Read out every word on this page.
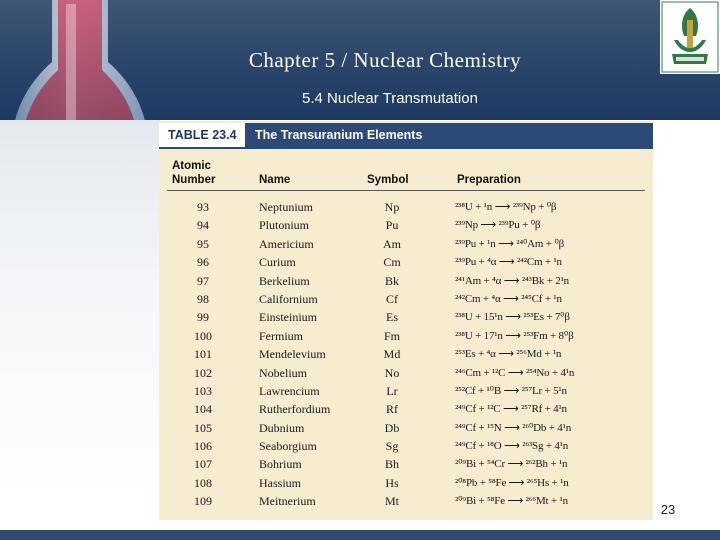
Chapter 5 / Nuclear Chemistry
5.4 Nuclear Transmutation
TABLE 23.4	The Transuranium Elements
Atomic
Number	Name	Symbol	Preparation
93	Neptunium	Np	²³⁸U + ¹n ⟶ ²³⁹Np + ⁰β
94	Plutonium	Pu	²³⁹Np ⟶ ²³⁹Pu + ⁰β
95	Americium	Am	²³⁹Pu + ¹n ⟶ ²⁴⁰Am + ⁰β
96	Curium	Cm	²³⁹Pu + ⁴α ⟶ ²⁴²Cm + ¹n
97	Berkelium	Bk	²⁴¹Am + ⁴α ⟶ ²⁴³Bk + 2¹n
98	Californium	Cf	²⁴²Cm + ⁴α ⟶ ²⁴⁵Cf + ¹n
99	Einsteinium	Es	²³⁸U + 15¹n ⟶ ²⁵³Es + 7⁰β
100	Fermium	Fm	²³⁸U + 17¹n ⟶ ²⁵³Fm + 8⁰β
101	Mendelevium	Md	²⁵³Es + ⁴α ⟶ ²⁵⁶Md + ¹n
102	Nobelium	No	²⁴⁶Cm + ¹²C ⟶ ²⁵⁴No + 4¹n
103	Lawrencium	Lr	²⁵²Cf + ¹⁰B ⟶ ²⁵⁷Lr + 5¹n
104	Rutherfordium	Rf	²⁴⁹Cf + ¹²C ⟶ ²⁵⁷Rf + 4¹n
105	Dubnium	Db	²⁴⁹Cf + ¹⁵N ⟶ ²⁶⁰Db + 4¹n
106	Seaborgium	Sg	²⁴⁹Cf + ¹⁸O ⟶ ²⁶³Sg + 4¹n
107	Bohrium	Bh	²⁰⁹Bi + ⁵⁴Cr ⟶ ²⁶²Bh + ¹n
108	Hassium	Hs	²⁰⁸Pb + ⁵⁸Fe ⟶ ²⁶⁵Hs + ¹n
109	Meitnerium	Mt	²⁰⁹Bi + ⁵⁸Fe ⟶ ²⁶⁶Mt + ¹n
23
